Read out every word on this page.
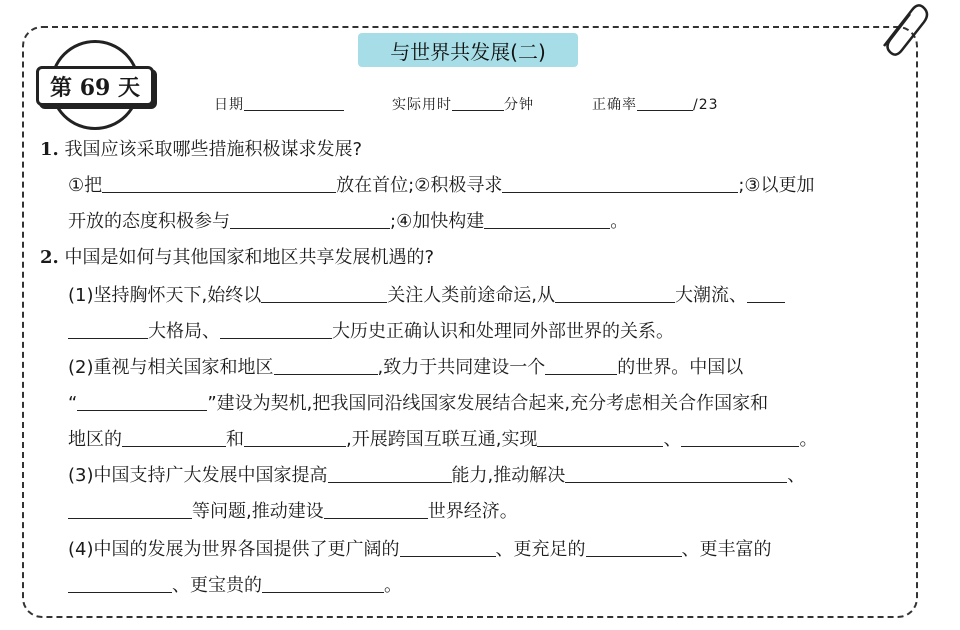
第 69 天
与世界共发展(二)
日期	实际用时	分钟	正确率	/23
1. 我国应该采取哪些措施积极谋求发展?
①把	放在首位;②积极寻求	;③以更加
开放的态度积极参与	;④加快构建	。
2. 中国是如何与其他国家和地区共享发展机遇的?
(1)坚持胸怀天下,始终以	关注人类前途命运,从	大潮流、
大格局、	大历史正确认识和处理同外部世界的关系。
(2)重视与相关国家和地区	,致力于共同建设一个	的世界。中国以
“	”建设为契机,把我国同沿线国家发展结合起来,充分考虑相关合作国家和
地区的	和	,开展跨国互联互通,实现	、	。
(3)中国支持广大发展中国家提高	能力,推动解决	、
等问题,推动建设	世界经济。
(4)中国的发展为世界各国提供了更广阔的	、更充足的	、更丰富的
、更宝贵的	。
